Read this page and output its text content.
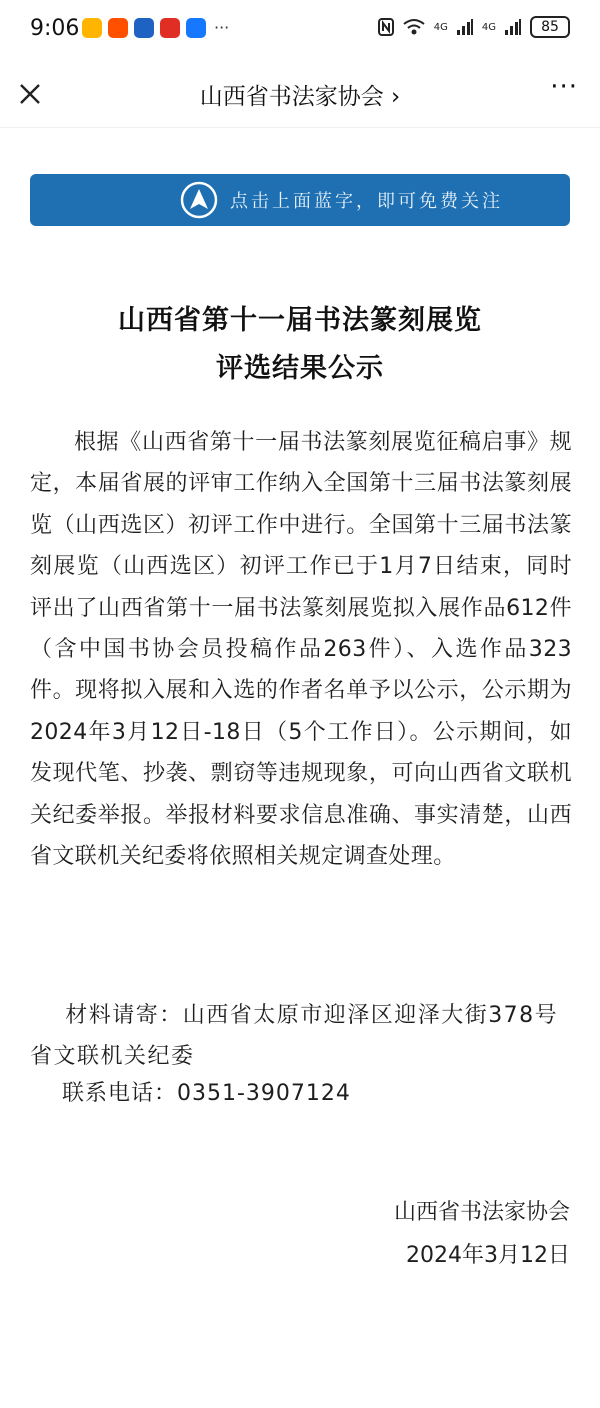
9:06	···	4G	4G	85
山西省书法家协会 ›	···
点击上面蓝字，即可免费关注
山西省第十一届书法篆刻展览
评选结果公示

根据《山西省第十一届书法篆刻展览征稿启事》规定，本届省展的评审工作纳入全国第十三届书法篆刻展览（山西选区）初评工作中进行。全国第十三届书法篆刻展览（山西选区）初评工作已于1月7日结束，同时评出了山西省第十一届书法篆刻展览拟入展作品612件（含中国书协会员投稿作品263件）、入选作品323件。现将拟入展和入选的作者名单予以公示，公示期为2024年3月12日-18日（5个工作日）。公示期间，如发现代笔、抄袭、剽窃等违规现象，可向山西省文联机关纪委举报。举报材料要求信息准确、事实清楚，山西省文联机关纪委将依照相关规定调查处理。

材料请寄：山西省太原市迎泽区迎泽大街378号省文联机关纪委

联系电话：0351-3907124

山西省书法家协会

2024年3月12日
